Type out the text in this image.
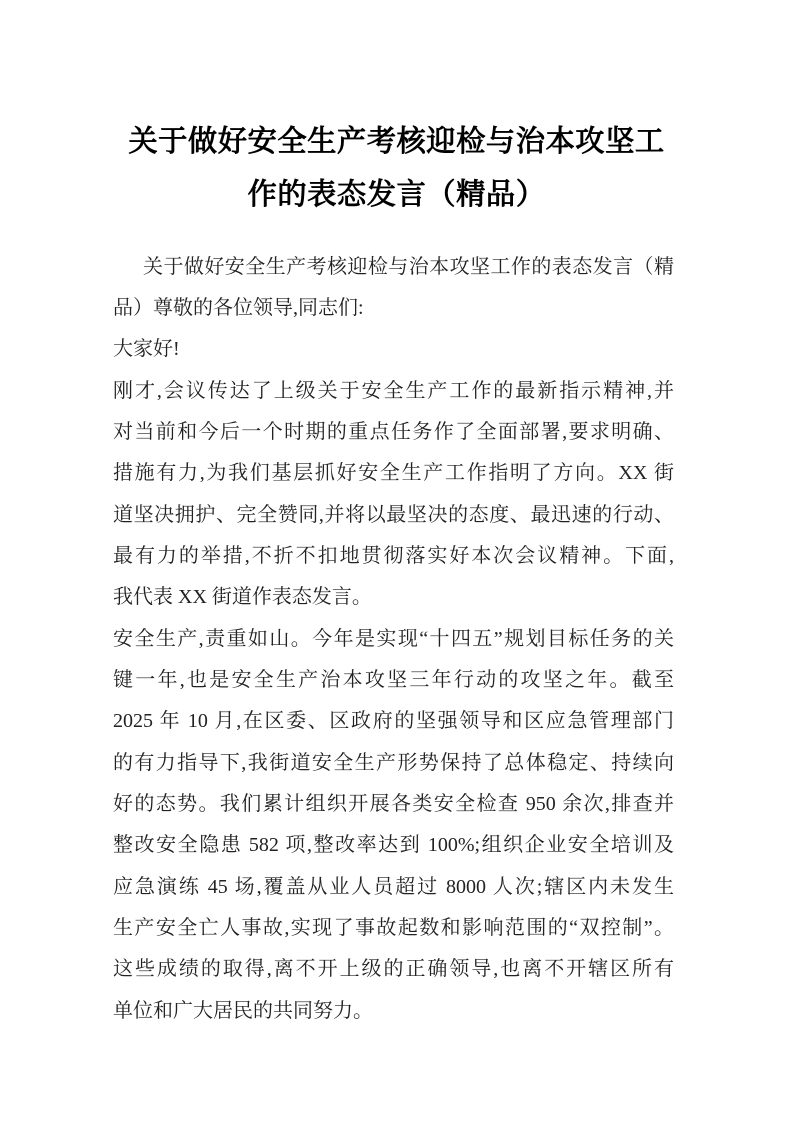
关于做好安全生产考核迎检与治本攻坚工
作的表态发言（精品）
关于做好安全生产考核迎检与治本攻坚工作的表态发言（精
品）尊敬的各位领导,同志们:
大家好!
刚才,会议传达了上级关于安全生产工作的最新指示精神,并
对当前和今后一个时期的重点任务作了全面部署,要求明确、
措施有力,为我们基层抓好安全生产工作指明了方向。XX 街
道坚决拥护、完全赞同,并将以最坚决的态度、最迅速的行动、
最有力的举措,不折不扣地贯彻落实好本次会议精神。下面,
我代表 XX 街道作表态发言。
安全生产,责重如山。今年是实现“十四五”规划目标任务的关
键一年,也是安全生产治本攻坚三年行动的攻坚之年。截至
2025 年 10 月,在区委、区政府的坚强领导和区应急管理部门
的有力指导下,我街道安全生产形势保持了总体稳定、持续向
好的态势。我们累计组织开展各类安全检查 950 余次,排查并
整改安全隐患 582 项,整改率达到 100%;组织企业安全培训及
应急演练 45 场,覆盖从业人员超过 8000 人次;辖区内未发生
生产安全亡人事故,实现了事故起数和影响范围的“双控制”。
这些成绩的取得,离不开上级的正确领导,也离不开辖区所有
单位和广大居民的共同努力。
